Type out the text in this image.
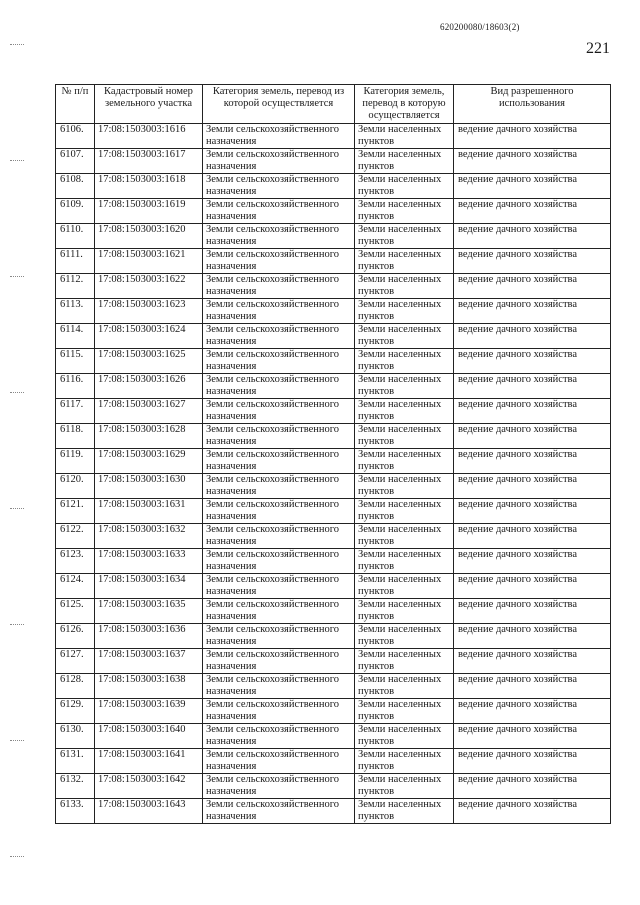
620200080/18603(2)
221
№ п/п	Кадастровый номер земельного участка	Категория земель, перевод из которой осуществляется	Категория земель, перевод в которую осуществляется	Вид разрешенного использования
6106.	17:08:1503003:1616	Земли сельскохозяйственного назначения	Земли населенных пунктов	ведение дачного хозяйства
6107.	17:08:1503003:1617	Земли сельскохозяйственного назначения	Земли населенных пунктов	ведение дачного хозяйства
6108.	17:08:1503003:1618	Земли сельскохозяйственного назначения	Земли населенных пунктов	ведение дачного хозяйства
6109.	17:08:1503003:1619	Земли сельскохозяйственного назначения	Земли населенных пунктов	ведение дачного хозяйства
6110.	17:08:1503003:1620	Земли сельскохозяйственного назначения	Земли населенных пунктов	ведение дачного хозяйства
6111.	17:08:1503003:1621	Земли сельскохозяйственного назначения	Земли населенных пунктов	ведение дачного хозяйства
6112.	17:08:1503003:1622	Земли сельскохозяйственного назначения	Земли населенных пунктов	ведение дачного хозяйства
6113.	17:08:1503003:1623	Земли сельскохозяйственного назначения	Земли населенных пунктов	ведение дачного хозяйства
6114.	17:08:1503003:1624	Земли сельскохозяйственного назначения	Земли населенных пунктов	ведение дачного хозяйства
6115.	17:08:1503003:1625	Земли сельскохозяйственного назначения	Земли населенных пунктов	ведение дачного хозяйства
6116.	17:08:1503003:1626	Земли сельскохозяйственного назначения	Земли населенных пунктов	ведение дачного хозяйства
6117.	17:08:1503003:1627	Земли сельскохозяйственного назначения	Земли населенных пунктов	ведение дачного хозяйства
6118.	17:08:1503003:1628	Земли сельскохозяйственного назначения	Земли населенных пунктов	ведение дачного хозяйства
6119.	17:08:1503003:1629	Земли сельскохозяйственного назначения	Земли населенных пунктов	ведение дачного хозяйства
6120.	17:08:1503003:1630	Земли сельскохозяйственного назначения	Земли населенных пунктов	ведение дачного хозяйства
6121.	17:08:1503003:1631	Земли сельскохозяйственного назначения	Земли населенных пунктов	ведение дачного хозяйства
6122.	17:08:1503003:1632	Земли сельскохозяйственного назначения	Земли населенных пунктов	ведение дачного хозяйства
6123.	17:08:1503003:1633	Земли сельскохозяйственного назначения	Земли населенных пунктов	ведение дачного хозяйства
6124.	17:08:1503003:1634	Земли сельскохозяйственного назначения	Земли населенных пунктов	ведение дачного хозяйства
6125.	17:08:1503003:1635	Земли сельскохозяйственного назначения	Земли населенных пунктов	ведение дачного хозяйства
6126.	17:08:1503003:1636	Земли сельскохозяйственного назначения	Земли населенных пунктов	ведение дачного хозяйства
6127.	17:08:1503003:1637	Земли сельскохозяйственного назначения	Земли населенных пунктов	ведение дачного хозяйства
6128.	17:08:1503003:1638	Земли сельскохозяйственного назначения	Земли населенных пунктов	ведение дачного хозяйства
6129.	17:08:1503003:1639	Земли сельскохозяйственного назначения	Земли населенных пунктов	ведение дачного хозяйства
6130.	17:08:1503003:1640	Земли сельскохозяйственного назначения	Земли населенных пунктов	ведение дачного хозяйства
6131.	17:08:1503003:1641	Земли сельскохозяйственного назначения	Земли населенных пунктов	ведение дачного хозяйства
6132.	17:08:1503003:1642	Земли сельскохозяйственного назначения	Земли населенных пунктов	ведение дачного хозяйства
6133.	17:08:1503003:1643	Земли сельскохозяйственного назначения	Земли населенных пунктов	ведение дачного хозяйства
